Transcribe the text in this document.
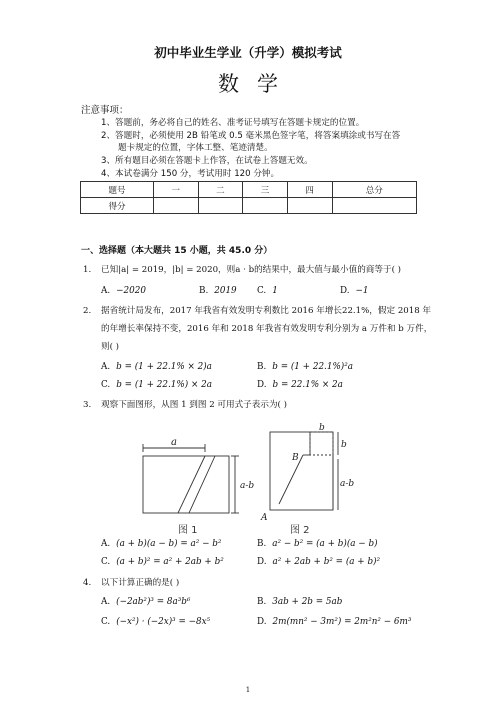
初中毕业生学业（升学）模拟考试
数学
注意事项：
1、答题前，务必将自己的姓名、准考证号填写在答题卡规定的位置。
2、答题时，必须使用 2B 铅笔或 0.5 毫米黑色签字笔，将答案填涂或书写在答
题卡规定的位置，字体工整、笔迹清楚。
3、所有题目必须在答题卡上作答，在试卷上答题无效。
4、本试卷满分 150 分，考试用时 120 分钟。
题号	一	二	三	四	总分
得分					
一、选择题（本大题共 15 小题，共 45.0 分）
1. 已知|a| = 2019，|b| = 2020，则a · b的结果中，最大值与最小值的商等于( )
A. −2020	B. 2019 C. 1	D. −1
2. 据省统计局发布，2017 年我省有效发明专利数比 2016 年增长22.1%，假定 2018 年
的年增长率保持不变，2016 年和 2018 年我省有效发明专利分别为 a 万件和 b 万件，
则( )
A. b = (1 + 22.1% × 2)a	B. b = (1 + 22.1%)²a
C. b = (1 + 22.1%) × 2a	D. b = 22.1% × 2a
3. 观察下面图形，从图 1 到图 2 可用式子表示为( )
a
a-b
b
b
a-b
B
A
图 1	图 2
A. (a + b)(a − b) = a² − b²	B. a² − b² = (a + b)(a − b)
C. (a + b)² = a² + 2ab + b²	D. a² + 2ab + b² = (a + b)²
4. 以下计算正确的是( )
A. (−2ab²)³ = 8a³b⁶	B. 3ab + 2b = 5ab
C. (−x²) · (−2x)³ = −8x⁵	D. 2m(mn² − 3m²) = 2m²n² − 6m³
1
